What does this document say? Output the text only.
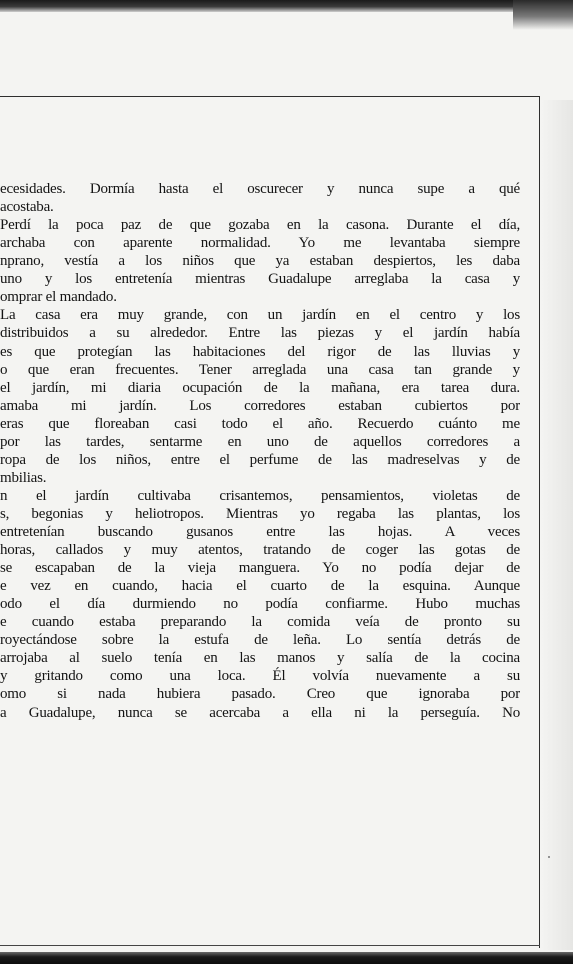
ecesidades. Dormía hasta el oscurecer y nunca supe a qué
acostaba.
Perdí la poca paz de que gozaba en la casona. Durante el día,
archaba con aparente normalidad. Yo me levantaba siempre
nprano, vestía a los niños que ya estaban despiertos, les daba
uno y los entretenía mientras Guadalupe arreglaba la casa y
omprar el mandado.
La casa era muy grande, con un jardín en el centro y los
distribuidos a su alrededor. Entre las piezas y el jardín había
es que protegían las habitaciones del rigor de las lluvias y
o que eran frecuentes. Tener arreglada una casa tan grande y
el jardín, mi diaria ocupación de la mañana, era tarea dura.
amaba mi jardín. Los corredores estaban cubiertos por
eras que floreaban casi todo el año. Recuerdo cuánto me
por las tardes, sentarme en uno de aquellos corredores a
ropa de los niños, entre el perfume de las madreselvas y de
mbilias.
n el jardín cultivaba crisantemos, pensamientos, violetas de
s, begonias y heliotropos. Mientras yo regaba las plantas, los
entretenían buscando gusanos entre las hojas. A veces
horas, callados y muy atentos, tratando de coger las gotas de
se escapaban de la vieja manguera. Yo no podía dejar de
e vez en cuando, hacia el cuarto de la esquina. Aunque
odo el día durmiendo no podía confiarme. Hubo muchas
e cuando estaba preparando la comida veía de pronto su
royectándose sobre la estufa de leña. Lo sentía detrás de
arrojaba al suelo tenía en las manos y salía de la cocina
y gritando como una loca. Él volvía nuevamente a su
omo si nada hubiera pasado. Creo que ignoraba por
a Guadalupe, nunca se acercaba a ella ni la perseguía. No
